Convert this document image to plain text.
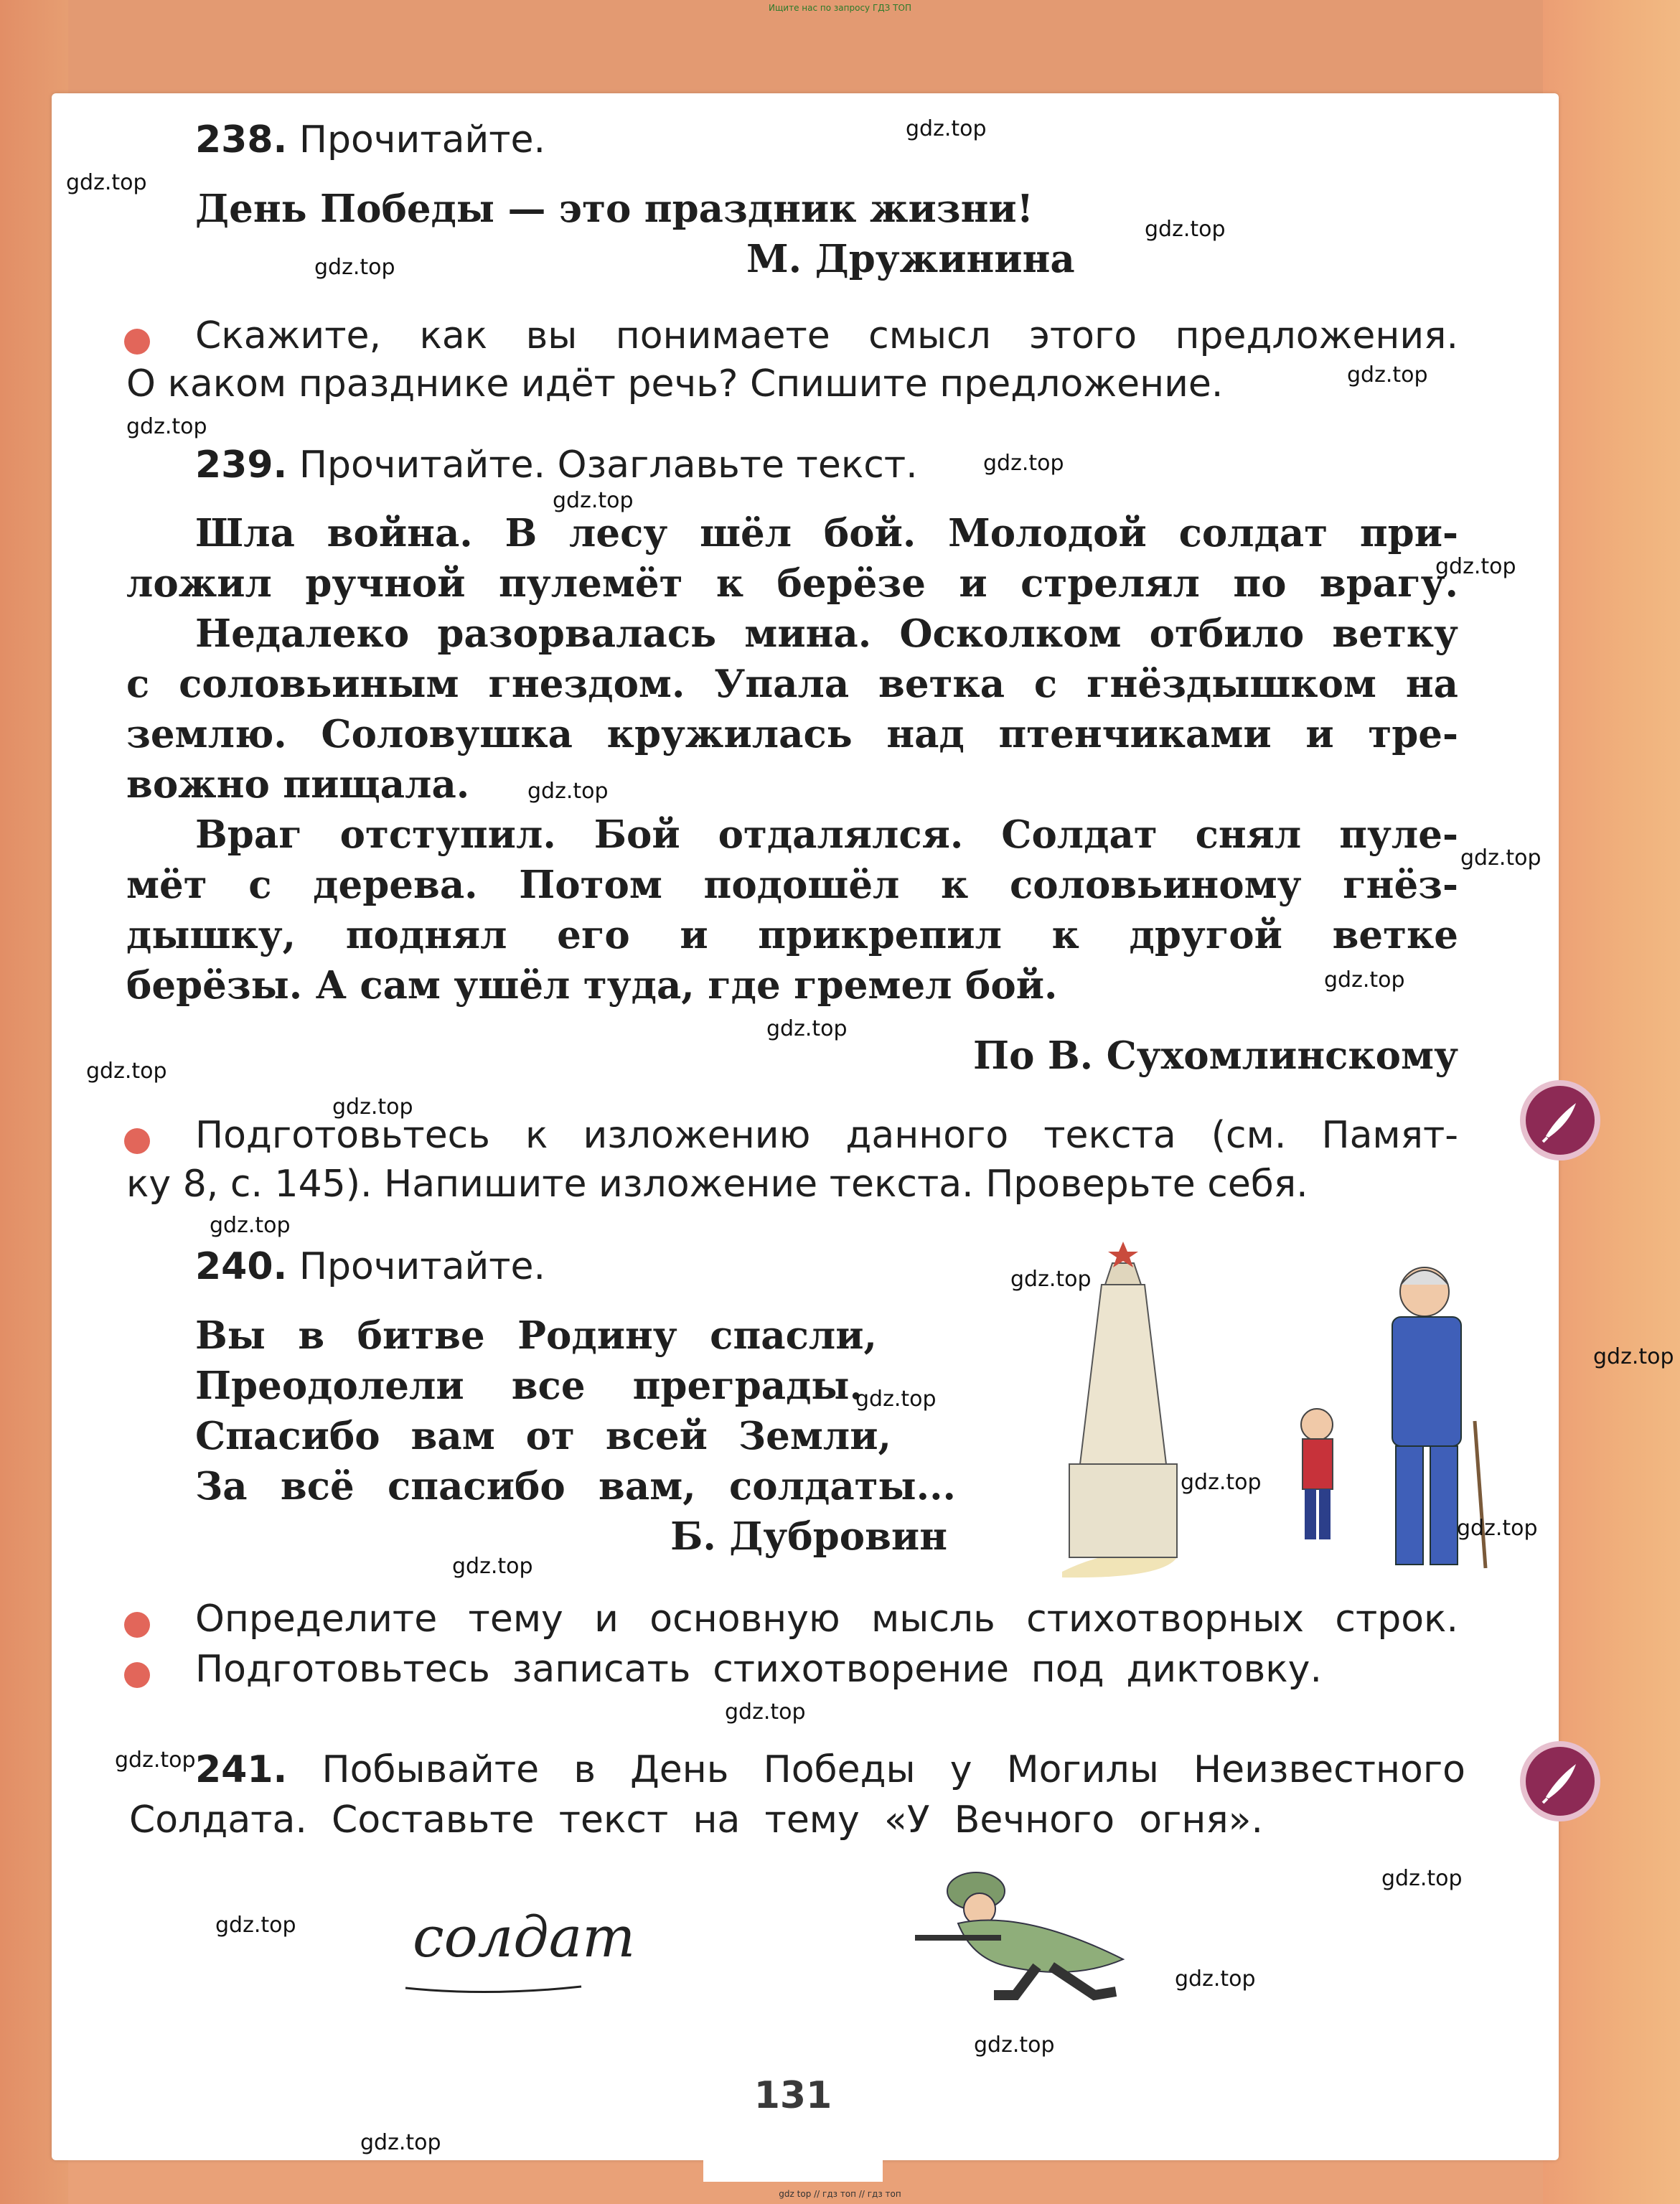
Ищите нас по запросу ГДЗ ТОП
238. Прочитайте.
День Победы — это праздник жизни!
М. Дружинина
Скажите, как вы понимаете смысл этого предложения.
О каком празднике идёт речь? Спишите предложение.
239. Прочитайте. Озаглавьте текст.
Шла война. В лесу шёл бой. Молодой солдат при-
ложил ручной пулемёт к берёзе и стрелял по врагу.
Недалеко разорвалась мина. Осколком отбило ветку
с соловьиным гнездом. Упала ветка с гнёздышком на
землю. Соловушка кружилась над птенчиками и тре-
вожно пищала.
Враг отступил. Бой отдалялся. Солдат снял пуле-
мёт с дерева. Потом подошёл к соловьиному гнёз-
дышку, поднял его и прикрепил к другой ветке
берёзы. А сам ушёл туда, где гремел бой.
По В. Сухомлинскому
Подготовьтесь к изложению данного текста (см. Памят-
ку 8, с. 145). Напишите изложение текста. Проверьте себя.
240. Прочитайте.
Вы в битве Родину спасли,
Преодолели все преграды.
Спасибо вам от всей Земли,
За всё спасибо вам, солдаты...
Б. Дубровин
Определите тему и основную мысль стихотворных строк.
Подготовьтесь записать стихотворение под диктовку.
241. Побывайте в День Победы у Могилы Неизвестного
Солдата. Составьте текст на тему «У Вечного огня».
солдат
131
gdz.top
gdz.top
gdz.top
gdz.top
gdz.top
gdz.top
gdz.top
gdz.top
gdz.top
gdz.top
gdz.top
gdz.top
gdz.top
gdz.top
gdz.top
gdz.top
gdz.top
gdz.top
gdz.top
gdz.top
gdz.top
gdz.top
gdz.top
gdz.top
gdz.top
gdz.top
gdz.top
gdz.top
gdz.top
gdz top // гдз топ // гдз топ
